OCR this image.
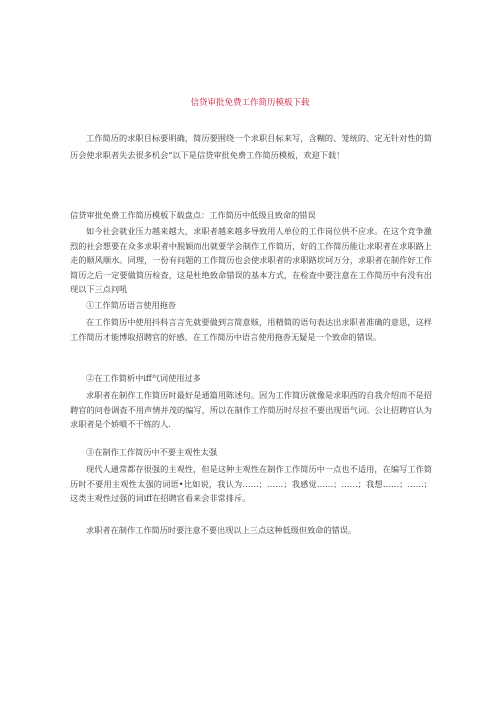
信贷审批免费工作简历模板下载

工作简历的求职目标要明确，简历要围绕一个求职目标来写，含糊的、笼统的、定无针对性的简历会使求职者失去很多机会“以下是信贷审批免费工作简历模板，欢迎下载！

信贷审批免费工作简历模板下载盘点：工作简历中低级且致命的错误

如今社会就业压力越来越大，求职者越来越多导致用人单位的工作岗位供不应求。在这个竞争激烈的社会想要在众多求职者中脱颖而出就要学会制作工作简历，好的工作简历能让求职者在求职路上走的顺风顺水。同理，一份有问题的工作简历也会使求职者的求职路坎坷万分，求职者在制作好工作简历之后一定要做简历检查，这是杜绝致命错误的基本方式，在检查中要注意在工作简历中有没有出现以下三点问吼

①工作简历语言使用拖沓

在工作简历中使用抖科言言先就要做到言简意赅，用精简的语句表达出求职者准确的意思，这样工作简历才能博取招聘官的好感，在工作简历中语言使用拖沓无疑是一个致命的错误。

②在工作简析中iff气词使用过多

求职者在制作工作简历时最好是通篇用陈述句。因为工作简历就像是求职西的自我介绍而不是招聘官的问卷调查不用声情并茂的编写，所以在制作工作简历时尽拉不要出现语气词。公让招聘官认为求职者是个娇噴不干练的人.

③在制作工作简历中不要主观性太强

现代人通常都存很强的主观性，但是这种主观性在制作工作简历中一点也不适用，在编写工作简历时不要用主观性太强的词语•比如说，我认为……；……；我感觉……；……；我想……；……；这类主观性过强的词iff在招聘官看来会非常排斥。

求职者在制作工作简历时要注意不要出现以上三点这种低级但致命的错误。
